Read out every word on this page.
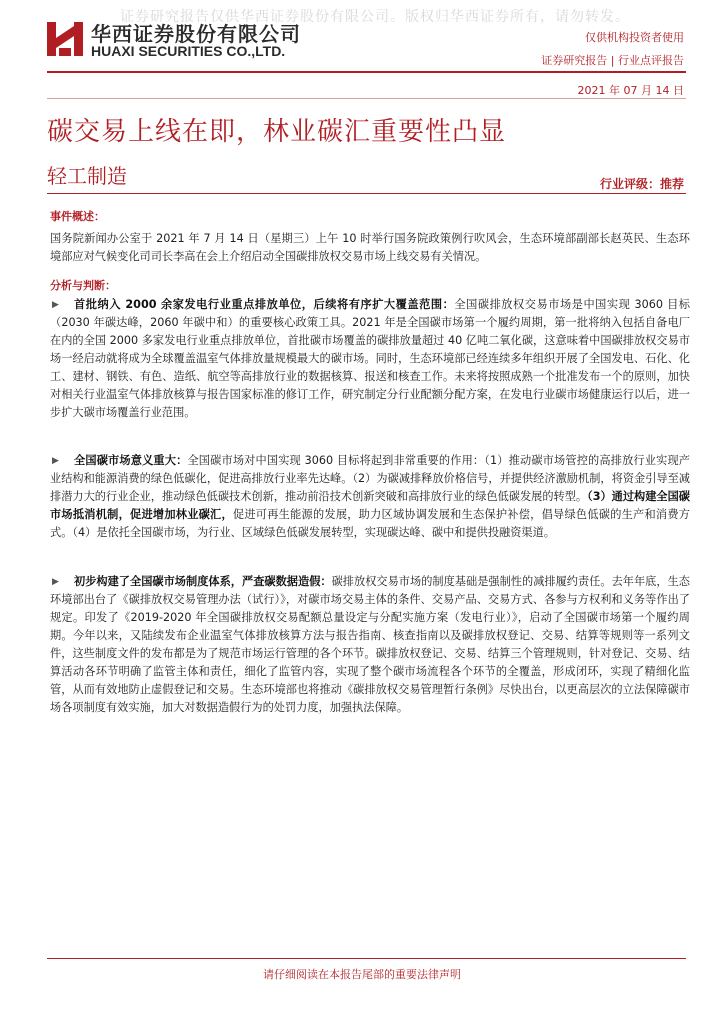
证券研究报告仅供华西证券股份有限公司。版权归华西证券所有，请勿转发。
华西证券股份有限公司
HUAXI SECURITIES CO.,LTD.
仅供机构投资者使用
证券研究报告 | 行业点评报告
2021 年 07 月 14 日
碳交易上线在即，林业碳汇重要性凸显
轻工制造	行业评级：推荐
事件概述：
国务院新闻办公室于 2021 年 7 月 14 日（星期三）上午 10 时举行国务院政策例行吹风会，生态环境部副部长赵英民、生态环境部应对气候变化司司长李高在会上介绍启动全国碳排放权交易市场上线交易有关情况。
分析与判断：
▶	首批纳入 2000 余家发电行业重点排放单位，后续将有序扩大覆盖范围：全国碳排放权交易市场是中国实现 3060 目标（2030 年碳达峰，2060 年碳中和）的重要核心政策工具。2021 年是全国碳市场第一个履约周期，第一批将纳入包括自备电厂在内的全国 2000 多家发电行业重点排放单位，首批碳市场覆盖的碳排放量超过 40 亿吨二氧化碳，这意味着中国碳排放权交易市场一经启动就将成为全球覆盖温室气体排放量规模最大的碳市场。同时，生态环境部已经连续多年组织开展了全国发电、石化、化工、建材、钢铁、有色、造纸、航空等高排放行业的数据核算、报送和核查工作。未来将按照成熟一个批准发布一个的原则，加快对相关行业温室气体排放核算与报告国家标准的修订工作，研究制定分行业配额分配方案，在发电行业碳市场健康运行以后，进一步扩大碳市场覆盖行业范围。
▶	全国碳市场意义重大：全国碳市场对中国实现 3060 目标将起到非常重要的作用：（1）推动碳市场管控的高排放行业实现产业结构和能源消费的绿色低碳化，促进高排放行业率先达峰。（2）为碳减排释放价格信号，并提供经济激励机制，将资金引导至减排潜力大的行业企业，推动绿色低碳技术创新，推动前沿技术创新突破和高排放行业的绿色低碳发展的转型。（3）通过构建全国碳市场抵消机制，促进增加林业碳汇，促进可再生能源的发展，助力区域协调发展和生态保护补偿，倡导绿色低碳的生产和消费方式。（4）是依托全国碳市场，为行业、区域绿色低碳发展转型，实现碳达峰、碳中和提供投融资渠道。
▶	初步构建了全国碳市场制度体系，严查碳数据造假：碳排放权交易市场的制度基础是强制性的减排履约责任。去年年底，生态环境部出台了《碳排放权交易管理办法（试行）》，对碳市场交易主体的条件、交易产品、交易方式、各参与方权利和义务等作出了规定。印发了《2019-2020 年全国碳排放权交易配额总量设定与分配实施方案（发电行业）》，启动了全国碳市场第一个履约周期。今年以来，又陆续发布企业温室气体排放核算方法与报告指南、核查指南以及碳排放权登记、交易、结算等规则等一系列文件，这些制度文件的发布都是为了规范市场运行管理的各个环节。碳排放权登记、交易、结算三个管理规则，针对登记、交易、结算活动各环节明确了监管主体和责任，细化了监管内容，实现了整个碳市场流程各个环节的全覆盖，形成闭环，实现了精细化监管，从而有效地防止虚假登记和交易。生态环境部也将推动《碳排放权交易管理暂行条例》尽快出台，以更高层次的立法保障碳市场各项制度有效实施，加大对数据造假行为的处罚力度，加强执法保障。
请仔细阅读在本报告尾部的重要法律声明
